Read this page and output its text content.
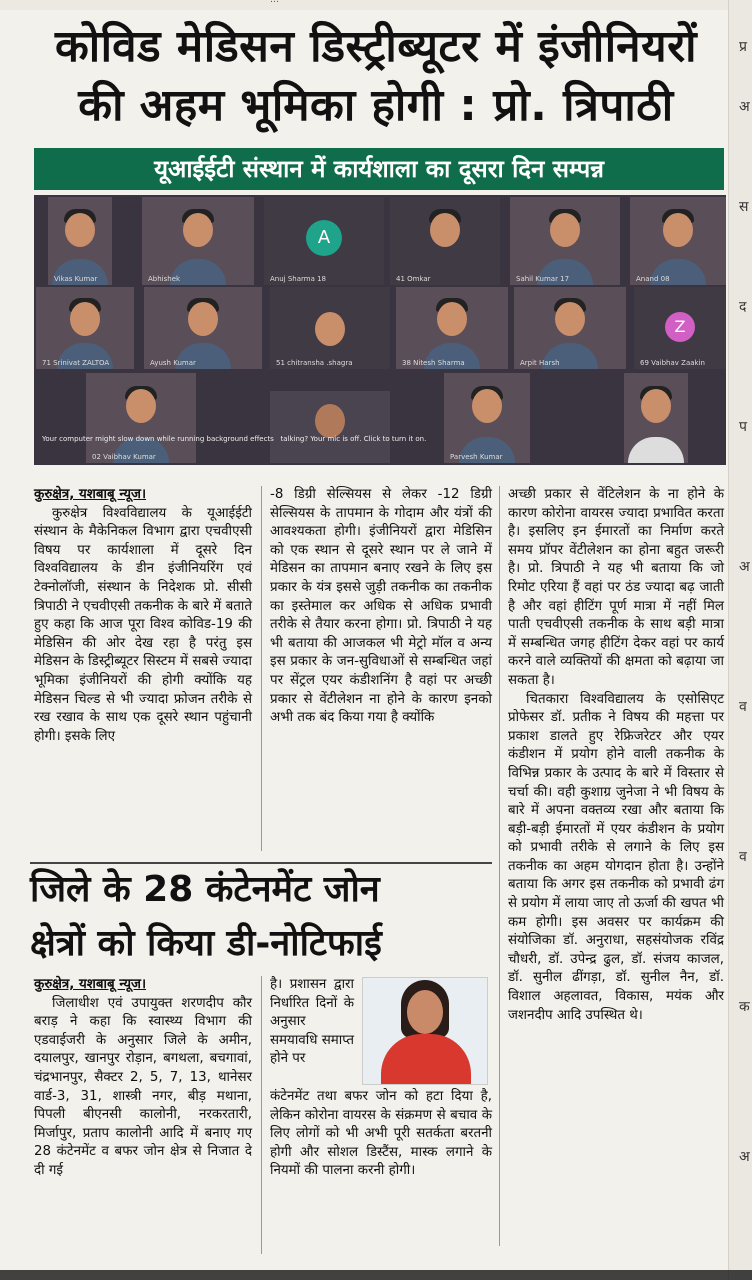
…
प्र
अ
स
द
प
अ
व
व
क
अ
कोविड मेडिसन डिस्ट्रीब्यूटर में इंजीनियरों
की अहम भूमिका होगी : प्रो. त्रिपाठी
यूआईईटी संस्थान में कार्यशाला का दूसरा दिन सम्पन्न
Vikas Kumar	Abhishek
A
Anuj Sharma 18	41 Omkar	Sahil Kumar 17	Anand 08
71 Srinivat ZALTOA	Ayush Kumar	51 chitransha .shagra	38 Nitesh Sharma	Arpit Harsh
Z
69 Vaibhav Zaakin
02 Vaibhav Kumar	Parvesh Kumar	29 Ishan Jain
Your computer might slow down while running background effects talking? Your mic is off. Click to turn it on.

कुरुक्षेत्र, यशबाबू न्यूज।

कुरुक्षेत्र विश्वविद्यालय के यूआईईटी संस्थान के मैकेनिकल विभाग द्वारा एचवीएसी विषय पर कार्यशाला में दूसरे दिन विश्वविद्यालय के डीन इंजीनियरिंग एवं टेक्नोलॉजी, संस्थान के निदेशक प्रो. सीसी त्रिपाठी ने एचवीएसी तकनीक के बारे में बताते हुए कहा कि आज पूरा विश्व कोविड-19 की मेडिसिन की ओर देख रहा है परंतु इस मेडिसन के डिस्ट्रीब्यूटर सिस्टम में सबसे ज्यादा भूमिका इंजीनियरों की होगी क्योंकि यह मेडिसन चिल्ड से भी ज्यादा फ्रोजन तरीके से रख रखाव के साथ एक दूसरे स्थान पहुंचानी होगी। इसके लिए

-8 डिग्री सेल्सियस से लेकर -12 डिग्री सेल्सियस के तापमान के गोदाम और यंत्रों की आवश्यकता होगी। इंजीनियरों द्वारा मेडिसिन को एक स्थान से दूसरे स्थान पर ले जाने में मेडिसन का तापमान बनाए रखने के लिए इस प्रकार के यंत्र इससे जुड़ी तकनीक का तकनीक का इस्तेमाल कर अधिक से अधिक प्रभावी तरीके से तैयार करना होगा। प्रो. त्रिपाठी ने यह भी बताया की आजकल भी मेट्रो मॉल व अन्य इस प्रकार के जन-सुविधाओं से सम्बन्धित जहां पर सेंट्रल एयर कंडीशनिंग है वहां पर अच्छी प्रकार से वेंटीलेशन ना होने के कारण इनको अभी तक बंद किया गया है क्योंकि

अच्छी प्रकार से वेंटिलेशन के ना होने के कारण कोरोना वायरस ज्यादा प्रभावित करता है। इसलिए इन ईमारतों का निर्माण करते समय प्रॉपर वेंटीलेशन का होना बहुत जरूरी है। प्रो. त्रिपाठी ने यह भी बताया कि जो रिमोट एरिया हैं वहां पर ठंड ज्यादा बढ़ जाती है और वहां हीटिंग पूर्ण मात्रा में नहीं मिल पाती एचवीएसी तकनीक के साथ बड़ी मात्रा में सम्बन्धित जगह हीटिंग देकर वहां पर कार्य करने वाले व्यक्तियों की क्षमता को बढ़ाया जा सकता है।

चितकारा विश्वविद्यालय के एसोसिएट प्रोफेसर डॉ. प्रतीक ने विषय की महत्ता पर प्रकाश डालते हुए रेफ्रिजरेटर और एयर कंडीशन में प्रयोग होने वाली तकनीक के विभिन्न प्रकार के उत्पाद के बारे में विस्तार से चर्चा की। वही कुशाग्र जुनेजा ने भी विषय के बारे में अपना वक्तव्य रखा और बताया कि बड़ी-बड़ी ईमारतों में एयर कंडीशन के प्रयोग को प्रभावी तरीके से लगाने के लिए इस तकनीक का अहम योगदान होता है। उन्होंने बताया कि अगर इस तकनीक को प्रभावी ढंग से प्रयोग में लाया जाए तो ऊर्जा की खपत भी कम होगी। इस अवसर पर कार्यक्रम की संयोजिका डॉ. अनुराधा, सहसंयोजक रविंद्र चौधरी, डॉ. उपेन्द्र ढुल, डॉ. संजय काजल, डॉ. सुनील ढींगड़ा, डॉ. सुनील नैन, डॉ. विशाल अहलावत, विकास, मयंक और जशनदीप आदि उपस्थित थे।

जिले के 28 कंटेनमेंट जोन
क्षेत्रों को किया डी-नोटिफाई

कुरुक्षेत्र, यशबाबू न्यूज।

जिलाधीश एवं उपायुक्त शरणदीप कौर बराड़ ने कहा कि स्वास्थ्य विभाग की एडवाईजरी के अनुसार जिले के अमीन, दयालपुर, खानपुर रोड़ान, बगथला, बचगावां, चंद्रभानपुर, सैक्टर 2, 5, 7, 13, थानेसर वार्ड-3, 31, शास्त्री नगर, बीड़ मथाना, पिपली बीएनसी कालोनी, नरकरतारी, मिर्जापुर, प्रताप कालोनी आदि में बनाए गए 28 कंटेनमेंट व बफर जोन क्षेत्र से निजात दे दी गई

है। प्रशासन द्वारा निर्धारित दिनों के अनुसार समयावधि समाप्त होने पर

कंटेनमेंट तथा बफर जोन को हटा दिया है, लेकिन कोरोना वायरस के संक्रमण से बचाव के लिए लोगों को भी अभी पूरी सतर्कता बरतनी होगी और सोशल डिस्टैंस, मास्क लगाने के नियमों की पालना करनी होगी।
